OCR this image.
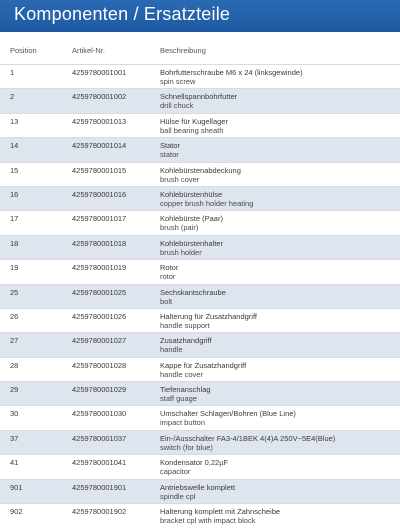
Komponenten / Ersatzteile
Position	Artikel-Nr.	Beschreibung
1	4259780001001	Bohrfutterschraube M6 x 24 (linksgewinde)
spin screw
2	4259780001002	Schnellspannbohrfutter
drill chuck
13	4259780001013	Hülse für Kugellager
ball bearing sheath
14	4259780001014	Stator
stator
15	4259780001015	Kohlebürstenabdeckung
brush cover
16	4259780001016	Kohlebürstenhülse
copper brush holder heating
17	4259780001017	Kohlebürste (Paar)
brush (pair)
18	4259780001018	Kohlebürstenhalter
brush holder
19	4259780001019	Rotor
rotor
25	4259780001025	Sechskantschraube
bolt
26	4259780001026	Halterung für Zusatzhandgriff
handle support
27	4259780001027	Zusatzhandgriff
handle
28	4259780001028	Kappe für Zusatzhandgriff
handle cover
29	4259780001029	Tiefenanschlag
staff guage
30	4259780001030	Umschalter Schlagen/Bohren (Blue Line)
impact button
37	4259780001037	Ein-/Ausschalter FA3-4/1BEK 4(4)A 250V~5E4(Blue)
switch (for blue)
41	4259780001041	Kondensator 0,22µF
capacitor
901	4259780001901	Antriebswelle komplett
spindle cpl
902	4259780001902	Halterung komplett mit Zahnscheibe
bracket cpl with impact block
